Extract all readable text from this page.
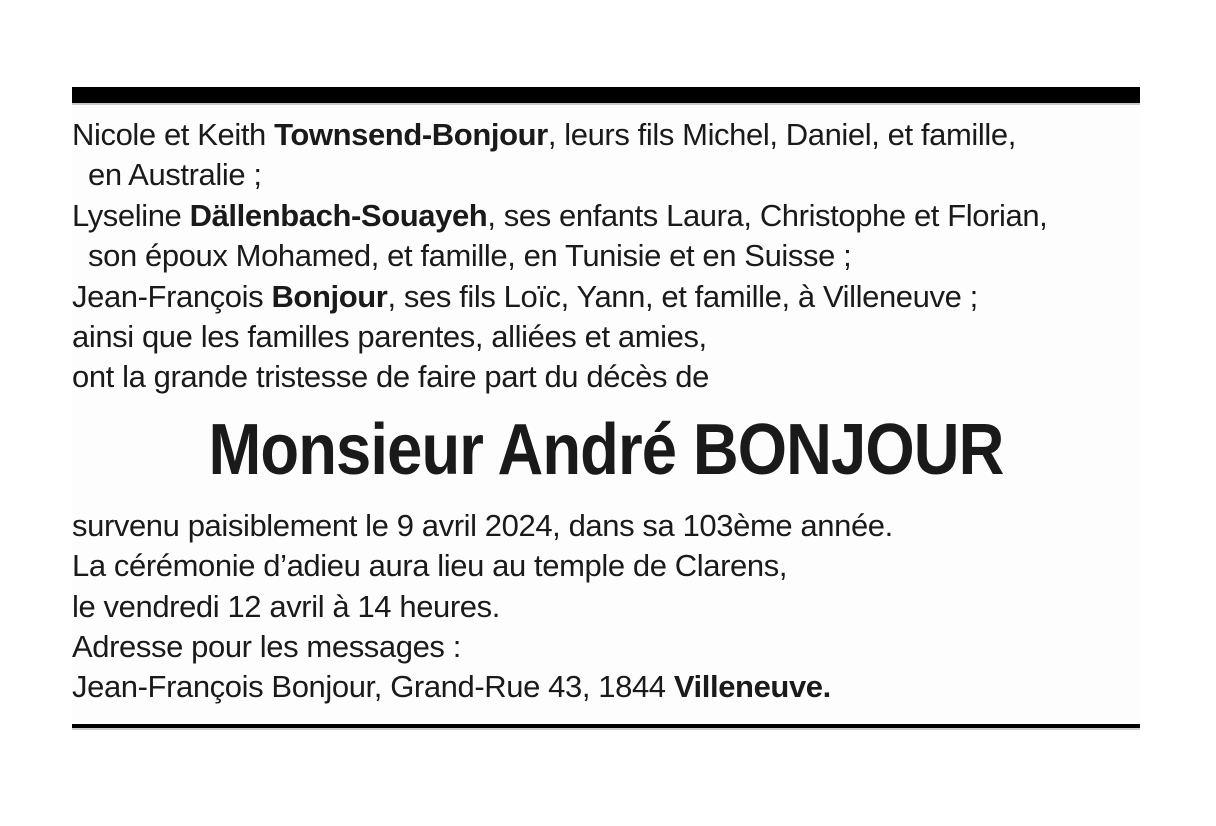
Nicole et Keith Townsend-Bonjour, leurs fils Michel, Daniel, et famille,
en Australie ;
Lyseline Dällenbach-Souayeh, ses enfants Laura, Christophe et Florian,
son époux Mohamed, et famille, en Tunisie et en Suisse ;
Jean-François Bonjour, ses fils Loïc, Yann, et famille, à Villeneuve ;
ainsi que les familles parentes, alliées et amies,
ont la grande tristesse de faire part du décès de
Monsieur André BONJOUR
survenu paisiblement le 9 avril 2024, dans sa 103ème année.
La cérémonie d’adieu aura lieu au temple de Clarens,
le vendredi 12 avril à 14 heures.
Adresse pour les messages :
Jean-François Bonjour, Grand-Rue 43, 1844 Villeneuve.
